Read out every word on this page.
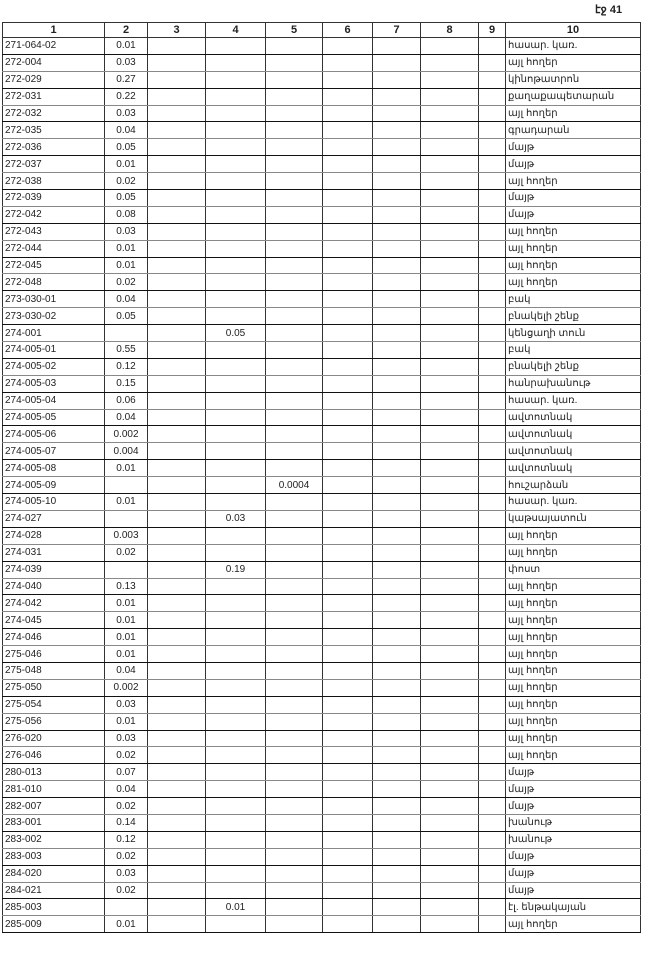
էջ 41
1	2	3	4	5	6	7	8	9	10
271-064-02	0.01								հասար. կառ.
272-004	0.03								այլ հողեր
272-029	0.27								կինոթատրոն
272-031	0.22								քաղաքապետարան
272-032	0.03								այլ հողեր
272-035	0.04								գրադարան
272-036	0.05								մայթ
272-037	0.01								մայթ
272-038	0.02								այլ հողեր
272-039	0.05								մայթ
272-042	0.08								մայթ
272-043	0.03								այլ հողեր
272-044	0.01								այլ հողեր
272-045	0.01								այլ հողեր
272-048	0.02								այլ հողեր
273-030-01	0.04								բակ
273-030-02	0.05								բնակելի շենք
274-001			0.05						կենցաղի տուն
274-005-01	0.55								բակ
274-005-02	0.12								բնակելի շենք
274-005-03	0.15								հանրախանութ
274-005-04	0.06								հասար. կառ.
274-005-05	0.04								ավտոտնակ
274-005-06	0.002								ավտոտնակ
274-005-07	0.004								ավտոտնակ
274-005-08	0.01								ավտոտնակ
274-005-09				0.0004					հուշարձան
274-005-10	0.01								հասար. կառ.
274-027			0.03						կաթսայատուն
274-028	0.003								այլ հողեր
274-031	0.02								այլ հողեր
274-039			0.19						փոստ
274-040	0.13								այլ հողեր
274-042	0.01								այլ հողեր
274-045	0.01								այլ հողեր
274-046	0.01								այլ հողեր
275-046	0.01								այլ հողեր
275-048	0.04								այլ հողեր
275-050	0.002								այլ հողեր
275-054	0.03								այլ հողեր
275-056	0.01								այլ հողեր
276-020	0.03								այլ հողեր
276-046	0.02								այլ հողեր
280-013	0.07								մայթ
281-010	0.04								մայթ
282-007	0.02								մայթ
283-001	0.14								խանութ
283-002	0.12								խանութ
283-003	0.02								մայթ
284-020	0.03								մայթ
284-021	0.02								մայթ
285-003			0.01						էլ. ենթակայան
285-009	0.01								այլ հողեր
